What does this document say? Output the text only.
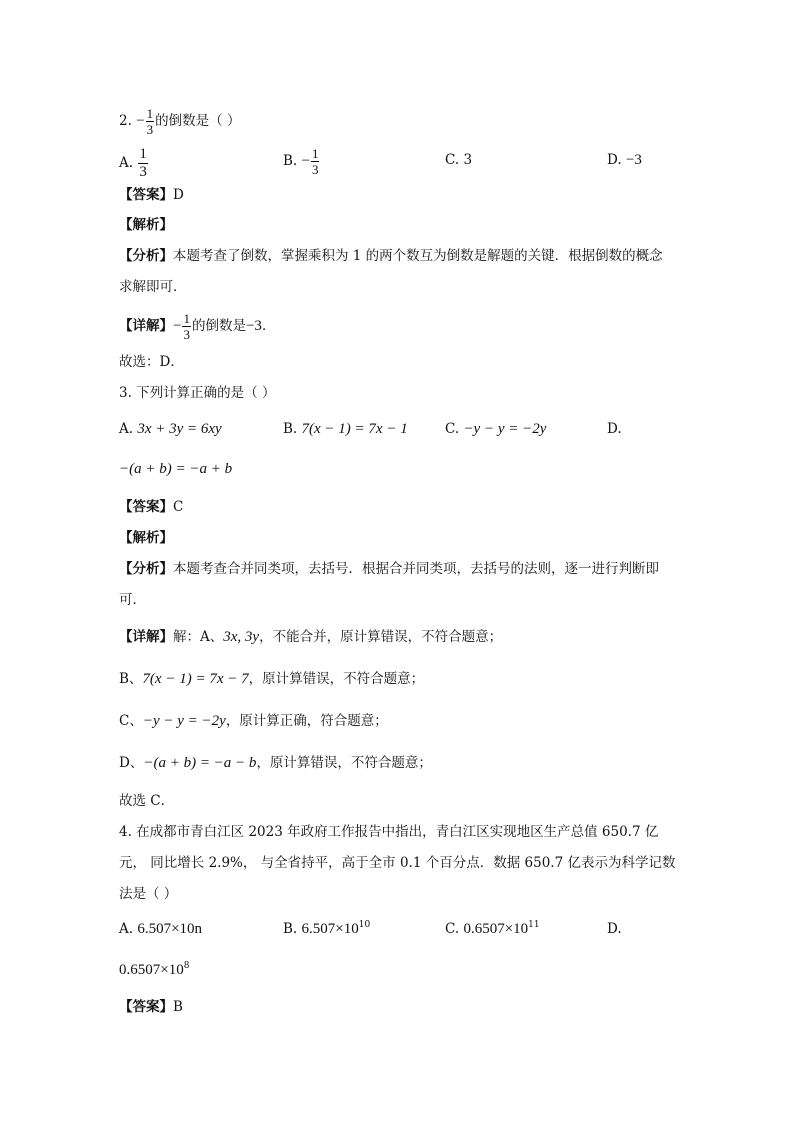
2. − $\frac{1}{3}$ 的倒数是（ ）
A. $\frac{1}{3}$	B. − $\frac{1}{3}$	C. 3	D. −3
【答案】D
【解析】
【分析】本题考查了倒数，掌握乘积为 1 的两个数互为倒数是解题的关键．根据倒数的概念
求解即可．
【详解】− $\frac{1}{3}$ 的倒数是−3．
故选：D．
3. 下列计算正确的是（ ）
A. 3x + 3y = 6xy	B. 7(x − 1) = 7x − 1	C. −y − y = −2y	D.
−(a + b) = −a + b
【答案】C
【解析】
【分析】本题考查合并同类项，去括号．根据合并同类项，去括号的法则，逐一进行判断即
可．
【详解】解：A、3x, 3y，不能合并，原计算错误，不符合题意；
B、7(x − 1) = 7x − 7，原计算错误，不符合题意；
C、−y − y = −2y，原计算正确，符合题意；
D、−(a + b) = −a − b，原计算错误，不符合题意；
故选 C．
4. 在成都市青白江区 2023 年政府工作报告中指出，青白江区实现地区生产总值 650.7 亿
元， 同比增长 2.9%， 与全省持平，高于全市 0.1 个百分点．数据 650.7 亿表示为科学记数
法是（ ）
A. 6.507×10n	B. $6.507\times 10^{10}$	C. $0.6507\times 10^{11}$	D.
$0.6507\times 10^8$
【答案】B
